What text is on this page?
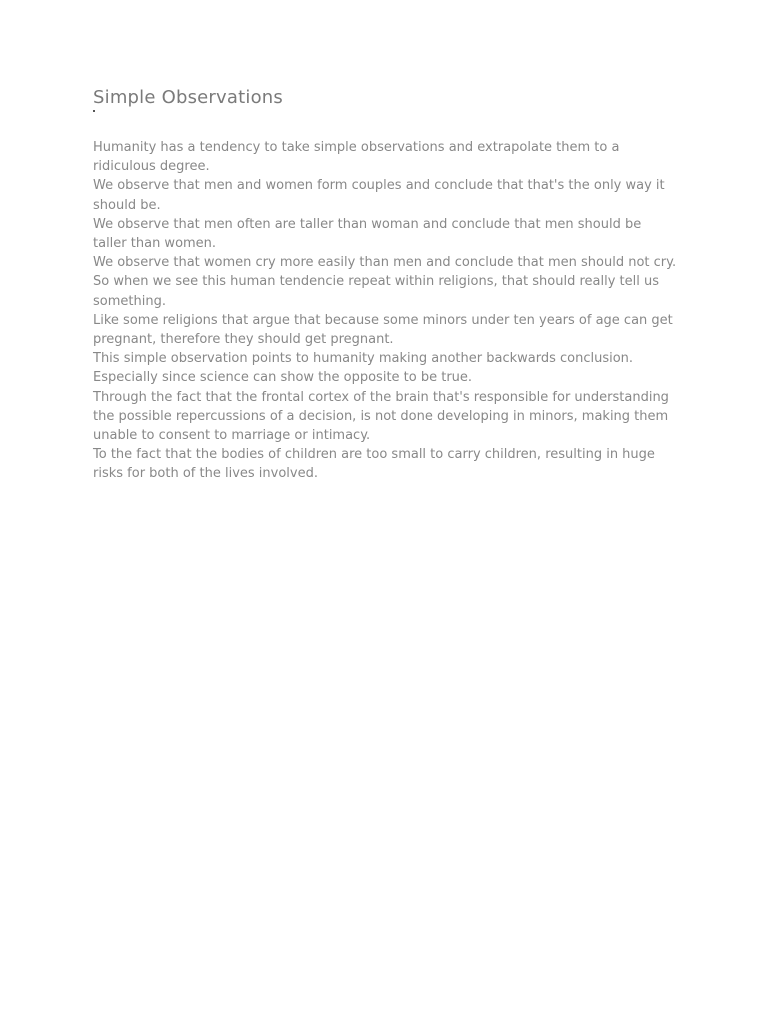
Simple Observations

Humanity has a tendency to take simple observations and extrapolate them to a ridiculous degree.

We observe that men and women form couples and conclude that that's the only way it should be.

We observe that men often are taller than woman and conclude that men should be taller than women.

We observe that women cry more easily than men and conclude that men should not cry.

So when we see this human tendencie repeat within religions, that should really tell us something.

Like some religions that argue that because some minors under ten years of age can get pregnant, therefore they should get pregnant.

This simple observation points to humanity making another backwards conclusion.

Especially since science can show the opposite to be true.

Through the fact that the frontal cortex of the brain that's responsible for understanding the possible repercussions of a decision, is not done developing in minors, making them unable to consent to marriage or intimacy.

To the fact that the bodies of children are too small to carry children, resulting in huge risks for both of the lives involved.
